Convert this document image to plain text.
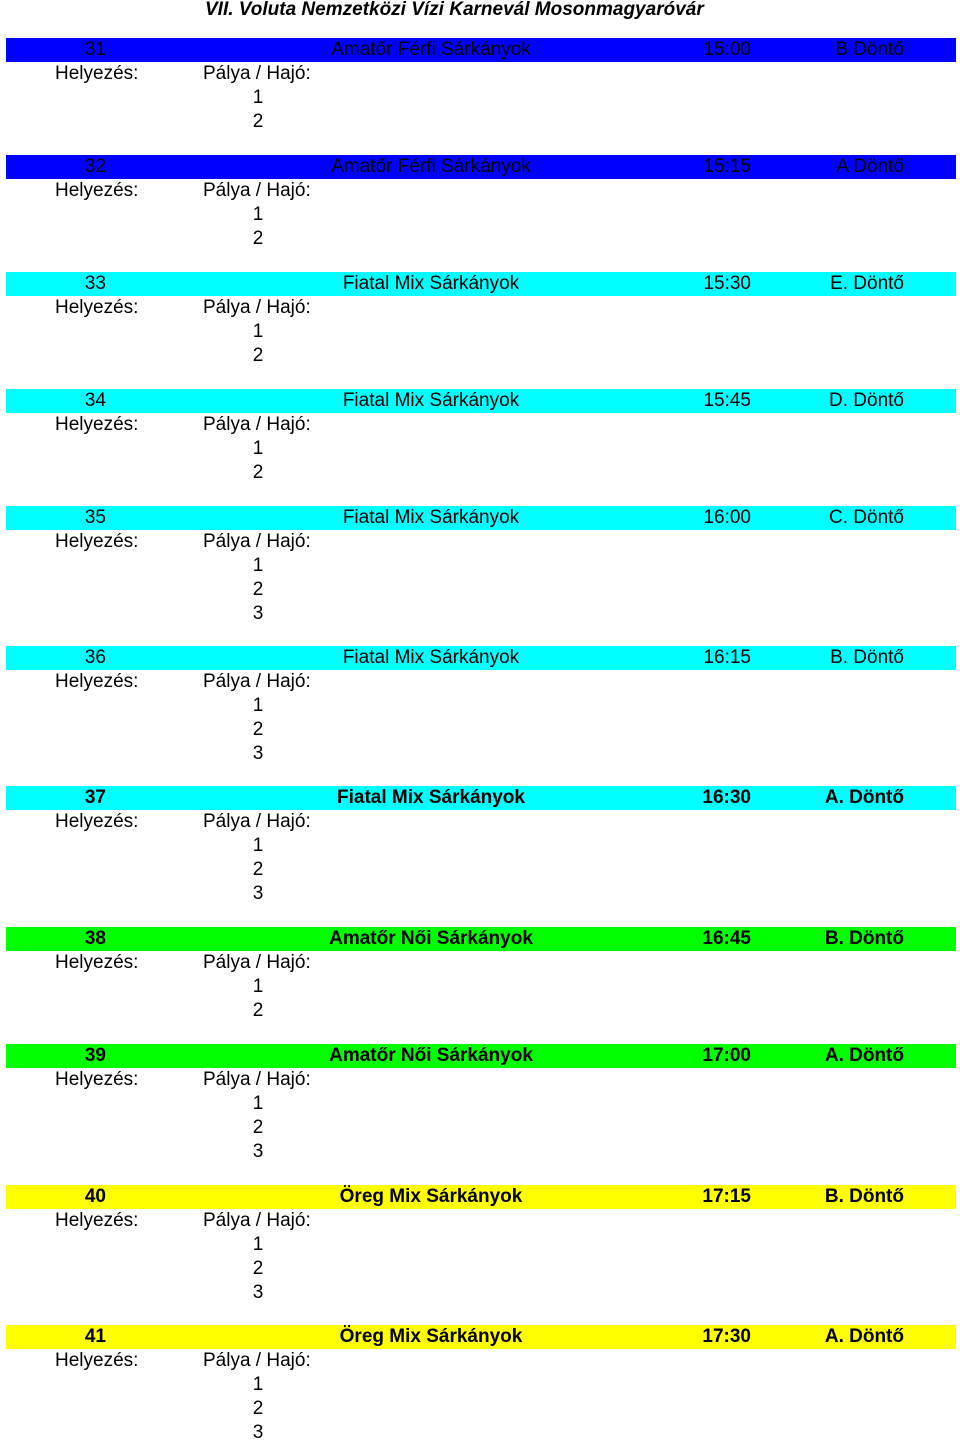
VII. Voluta Nemzetközi Vízi Karnevál Mosonmagyaróvár
31	Amatőr Férfi Sárkányok	15:00	B Döntő
Helyezés:	Pálya / Hajó:
1
2
32	Amatőr Férfi Sárkányok	15:15	A Döntő
Helyezés:	Pálya / Hajó:
1
2
33	Fiatal Mix Sárkányok	15:30	E. Döntő
Helyezés:	Pálya / Hajó:
1
2
34	Fiatal Mix Sárkányok	15:45	D. Döntő
Helyezés:	Pálya / Hajó:
1
2
35	Fiatal Mix Sárkányok	16:00	C. Döntő
Helyezés:	Pálya / Hajó:
1
2
3
36	Fiatal Mix Sárkányok	16:15	B. Döntő
Helyezés:	Pálya / Hajó:
1
2
3
37	Fiatal Mix Sárkányok	16:30	A. Döntő
Helyezés:	Pálya / Hajó:
1
2
3
38	Amatőr Női Sárkányok	16:45	B. Döntő
Helyezés:	Pálya / Hajó:
1
2
39	Amatőr Női Sárkányok	17:00	A. Döntő
Helyezés:	Pálya / Hajó:
1
2
3
40	Öreg Mix Sárkányok	17:15	B. Döntő
Helyezés:	Pálya / Hajó:
1
2
3
41	Öreg Mix Sárkányok	17:30	A. Döntő
Helyezés:	Pálya / Hajó:
1
2
3
